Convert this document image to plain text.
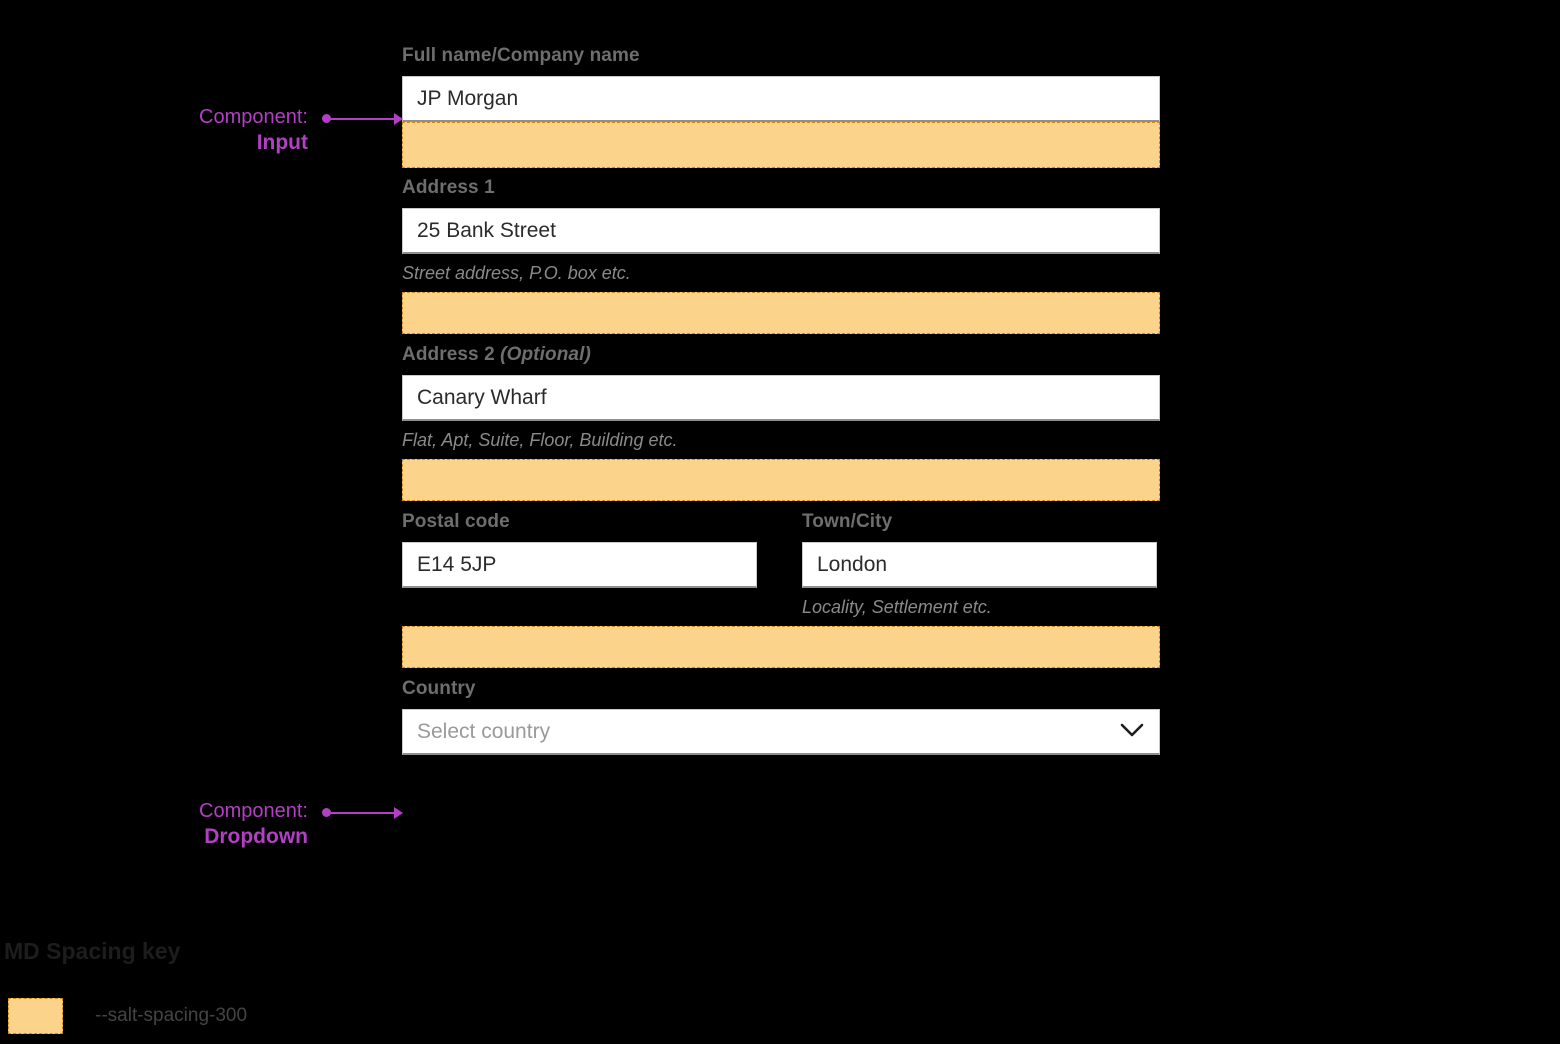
Full name/Company name
JP Morgan
Address 1
25 Bank Street
Street address, P.O. box etc.
Address 2 (Optional)
Canary Wharf
Flat, Apt, Suite, Floor, Building etc.
Postal code	Town/City
E14 5JP	London
Locality, Settlement etc.
Country
Select country
Component:
Input
Component:
Dropdown
MD Spacing key
--salt-spacing-300
